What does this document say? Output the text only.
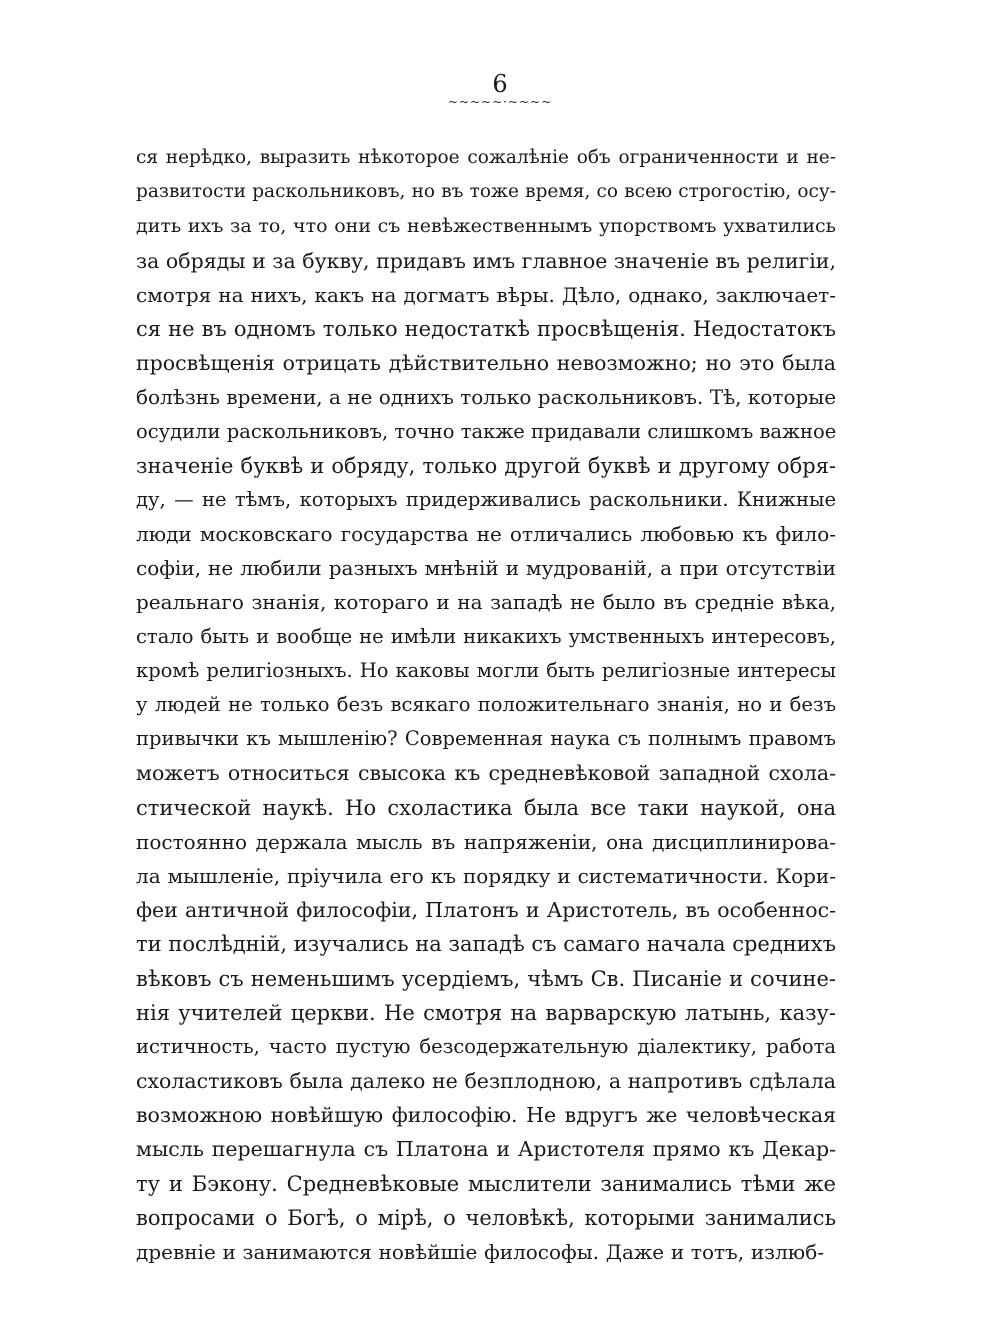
6
~~~~~·~~~~
ся нерѣдко, выразить нѣкоторое сожалѣніе объ ограниченности и не-
развитости раскольниковъ, но въ тоже время, со всею строгостію, осу-
дить ихъ за то, что они съ невѣжественнымъ упорствомъ ухватились
за обряды и за букву, придавъ имъ главное значеніе въ религіи,
смотря на нихъ, какъ на догматъ вѣры. Дѣло, однако, заключает-
ся не въ одномъ только недостаткѣ просвѣщенія. Недостатокъ
просвѣщенія отрицать дѣйствительно невозможно; но это была
болѣзнь времени, а не однихъ только раскольниковъ. Тѣ, которые
осудили раскольниковъ, точно также придавали слишкомъ важное
значеніе буквѣ и обряду, только другой буквѣ и другому обря-
ду, — не тѣмъ, которыхъ придерживались раскольники. Книжные
люди московскаго государства не отличались любовью къ фило-
софіи, не любили разныхъ мнѣній и мудрованій, а при отсутствіи
реальнаго знанія, котораго и на западѣ не было въ средніе вѣка,
стало быть и вообще не имѣли никакихъ умственныхъ интересовъ,
кромѣ религіозныхъ. Но каковы могли быть религіозные интересы
у людей не только безъ всякаго положительнаго знанія, но и безъ
привычки къ мышленію? Современная наука съ полнымъ правомъ
можетъ относиться свысока къ средневѣковой западной схола-
стической наукѣ. Но схоластика была все таки наукой, она
постоянно держала мысль въ напряженіи, она дисциплинирова-
ла мышленіе, пріучила его къ порядку и систематичности. Кори-
феи античной философіи, Платонъ и Аристотель, въ особеннос-
ти послѣдній, изучались на западѣ съ самаго начала среднихъ
вѣковъ съ неменьшимъ усердіемъ, чѣмъ Св. Писаніе и сочине-
нія учителей церкви. Не смотря на варварскую латынь, казу-
истичность, часто пустую безсодержательную діалектику, работа
схоластиковъ была далеко не безплодною, а напротивъ сдѣлала
возможною новѣйшую философію. Не вдругъ же человѣческая
мысль перешагнула съ Платона и Аристотеля прямо къ Декар-
ту и Бэкону. Средневѣковые мыслители занимались тѣми же
вопросами о Богѣ, о мірѣ, о человѣкѣ, которыми занимались
древніе и занимаются новѣйшіе философы. Даже и тотъ, излюб-
